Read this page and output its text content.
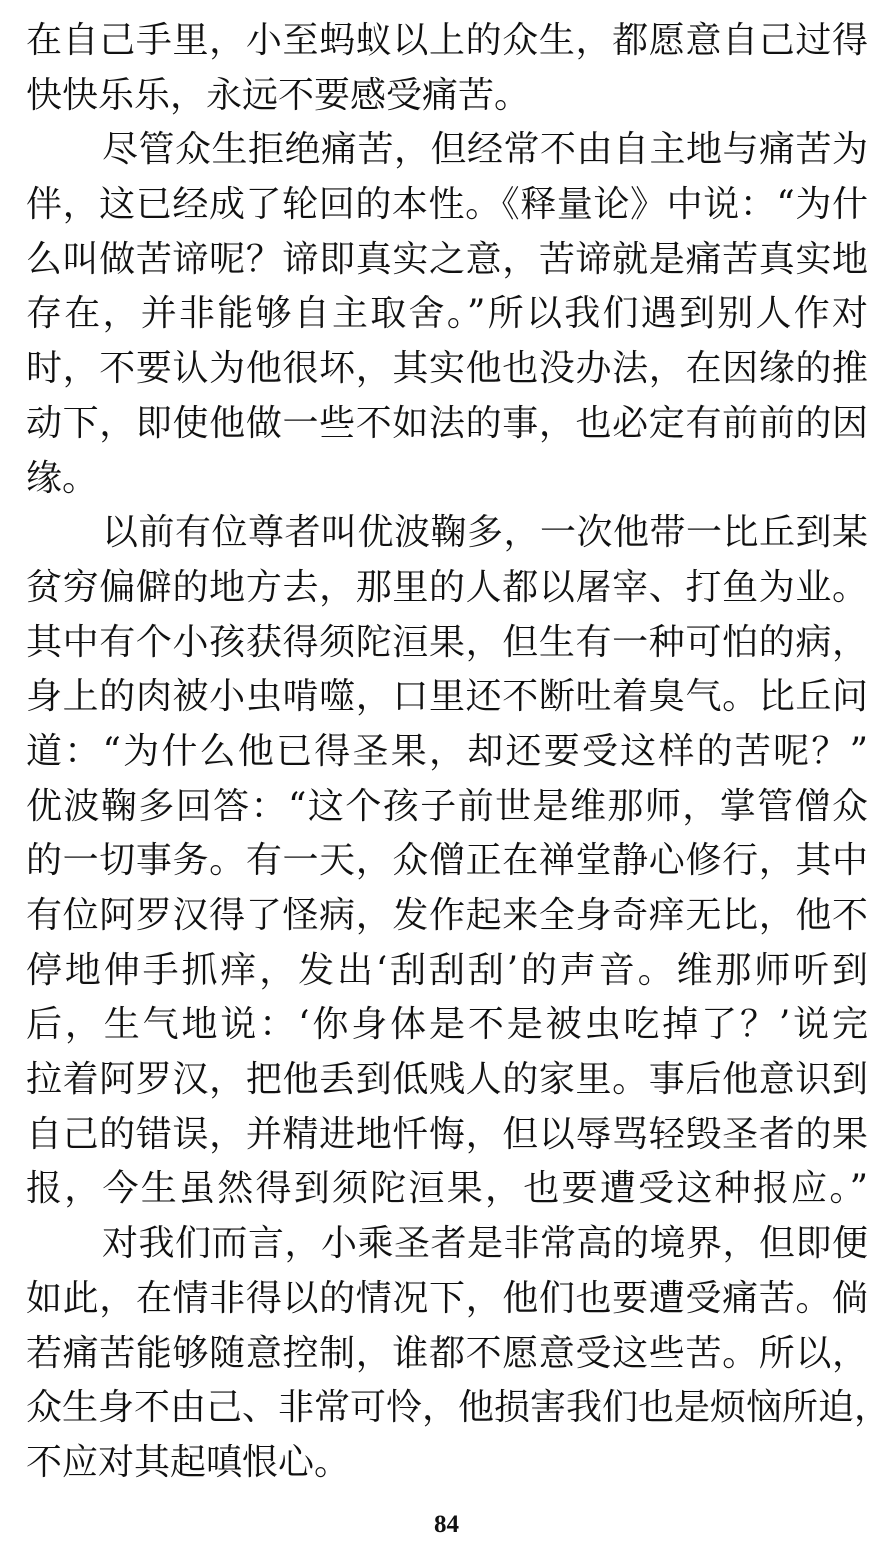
在自己手里，小至蚂蚁以上的众生，都愿意自己过得
快快乐乐，永远不要感受痛苦。
尽管众生拒绝痛苦，但经常不由自主地与痛苦为
伴，这已经成了轮回的本性。《释量论》中说：“为什
么叫做苦谛呢？谛即真实之意，苦谛就是痛苦真实地
存在，并非能够自主取舍。”所以我们遇到别人作对
时，不要认为他很坏，其实他也没办法，在因缘的推
动下，即使他做一些不如法的事，也必定有前前的因
缘。
以前有位尊者叫优波鞠多，一次他带一比丘到某
贫穷偏僻的地方去，那里的人都以屠宰、打鱼为业。
其中有个小孩获得须陀洹果，但生有一种可怕的病，
身上的肉被小虫啃噬，口里还不断吐着臭气。比丘问
道：“为什么他已得圣果，却还要受这样的苦呢？”
优波鞠多回答：“这个孩子前世是维那师，掌管僧众
的一切事务。有一天，众僧正在禅堂静心修行，其中
有位阿罗汉得了怪病，发作起来全身奇痒无比，他不
停地伸手抓痒，发出‘刮刮刮’的声音。维那师听到
后，生气地说：‘你身体是不是被虫吃掉了？’说完
拉着阿罗汉，把他丢到低贱人的家里。事后他意识到
自己的错误，并精进地忏悔，但以辱骂轻毁圣者的果
报，今生虽然得到须陀洹果，也要遭受这种报应。”
对我们而言，小乘圣者是非常高的境界，但即便
如此，在情非得以的情况下，他们也要遭受痛苦。倘
若痛苦能够随意控制，谁都不愿意受这些苦。所以，
众生身不由己、非常可怜，他损害我们也是烦恼所迫，
不应对其起嗔恨心。
84
